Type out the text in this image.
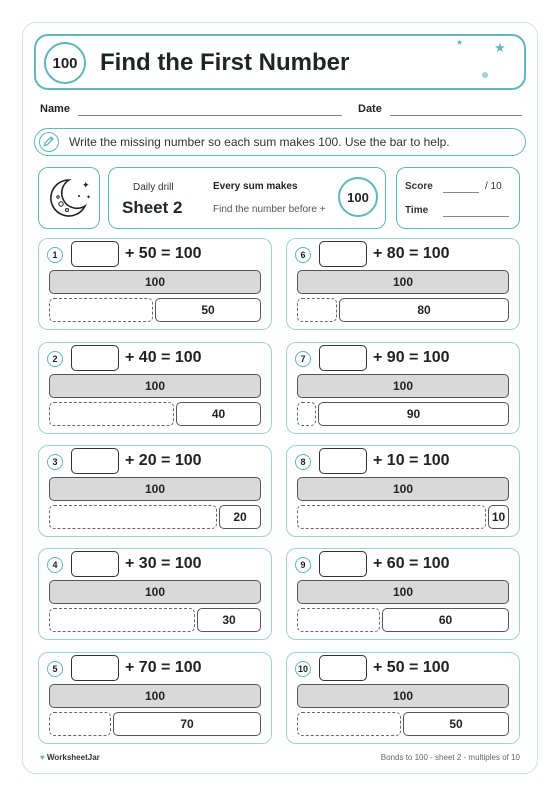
100 Find the First Number
★ ★
Name	Date
Write the missing number so each sum makes 100. Use the bar to help.
✦
✦
Daily drill
Sheet 2
Every sum makes
Find the number before +
100
Score	/ 10
Time
1	+ 50 = 100
100
50
2	+ 40 = 100
100
40
3	+ 20 = 100
100
20
4	+ 30 = 100
100
30
5	+ 70 = 100
100
70
6	+ 80 = 100
100
80
7	+ 90 = 100
100
90
8	+ 10 = 100
100
10
9	+ 60 = 100
100
60
10	+ 50 = 100
100
50
♥ WorksheetJar	Bonds to 100 - sheet 2 - multiples of 10
